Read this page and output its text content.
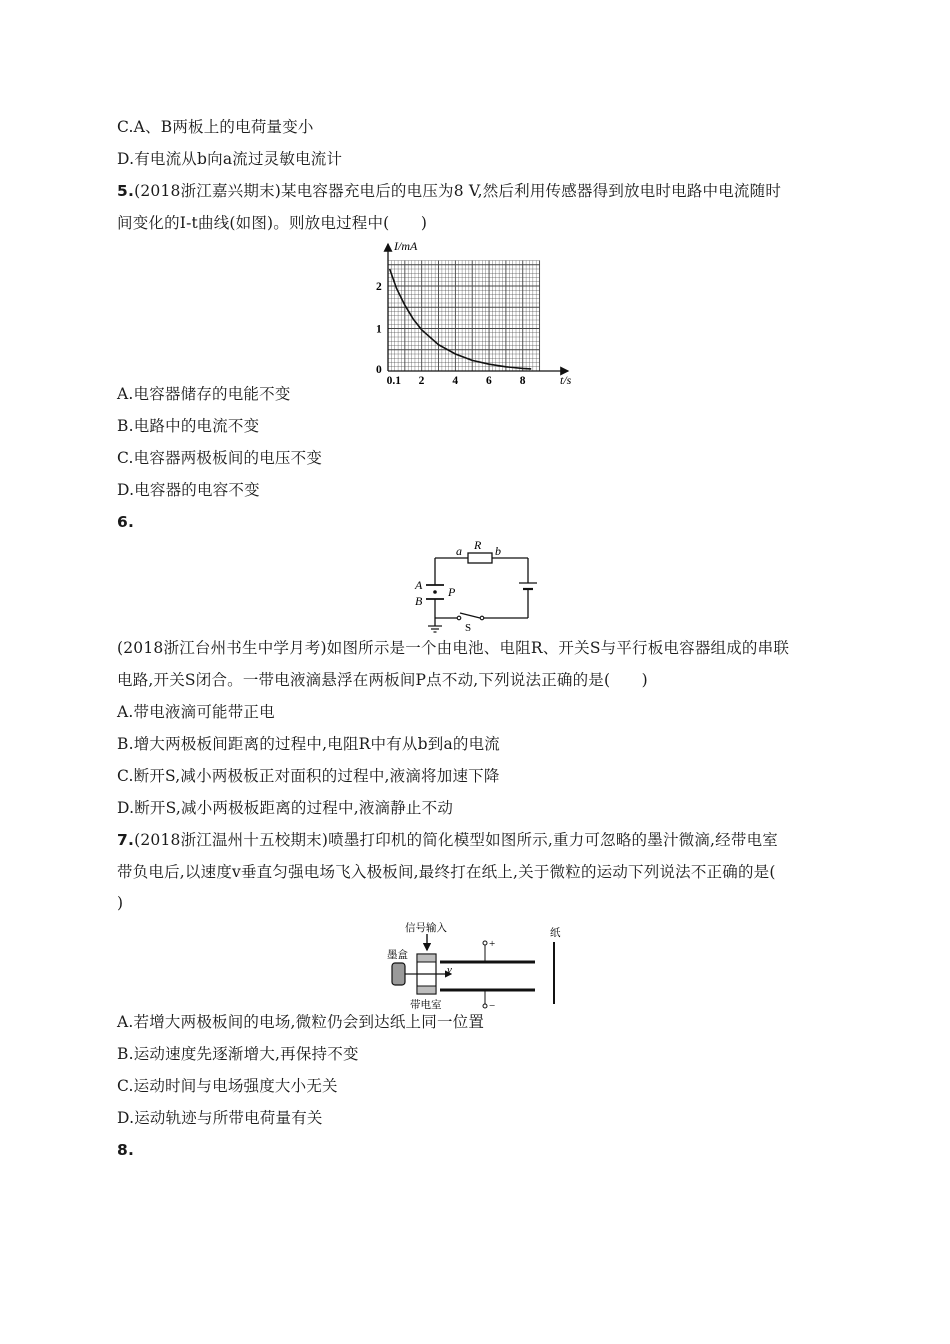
C.A、B两板上的电荷量变小
D.有电流从b向a流过灵敏电流计
5.(2018浙江嘉兴期末)某电容器充电后的电压为8 V,然后利用传感器得到放电时电路中电流随时
间变化的I-t曲线(如图)。则放电过程中(　　)
0.1 2 4 6 8
0
1
2
I/mA
t/s
A.电容器储存的电能不变
B.电路中的电流不变
C.电容器两极板间的电压不变
D.电容器的电容不变
6.
a R b
A P
B
S
(2018浙江台州书生中学月考)如图所示是一个由电池、电阻R、开关S与平行板电容器组成的串联
电路,开关S闭合。一带电液滴悬浮在两板间P点不动,下列说法正确的是(　　)
A.带电液滴可能带正电
B.增大两极板间距离的过程中,电阻R中有从b到a的电流
C.断开S,减小两极板正对面积的过程中,液滴将加速下降
D.断开S,减小两极板距离的过程中,液滴静止不动
7.(2018浙江温州十五校期末)喷墨打印机的简化模型如图所示,重力可忽略的墨汁微滴,经带电室
带负电后,以速度v垂直匀强电场飞入极板间,最终打在纸上,关于微粒的运动下列说法不正确的是(
)
信号输入
墨盒
v
带电室
+
−
纸
A.若增大两极板间的电场,微粒仍会到达纸上同一位置
B.运动速度先逐渐增大,再保持不变
C.运动时间与电场强度大小无关
D.运动轨迹与所带电荷量有关
8.
